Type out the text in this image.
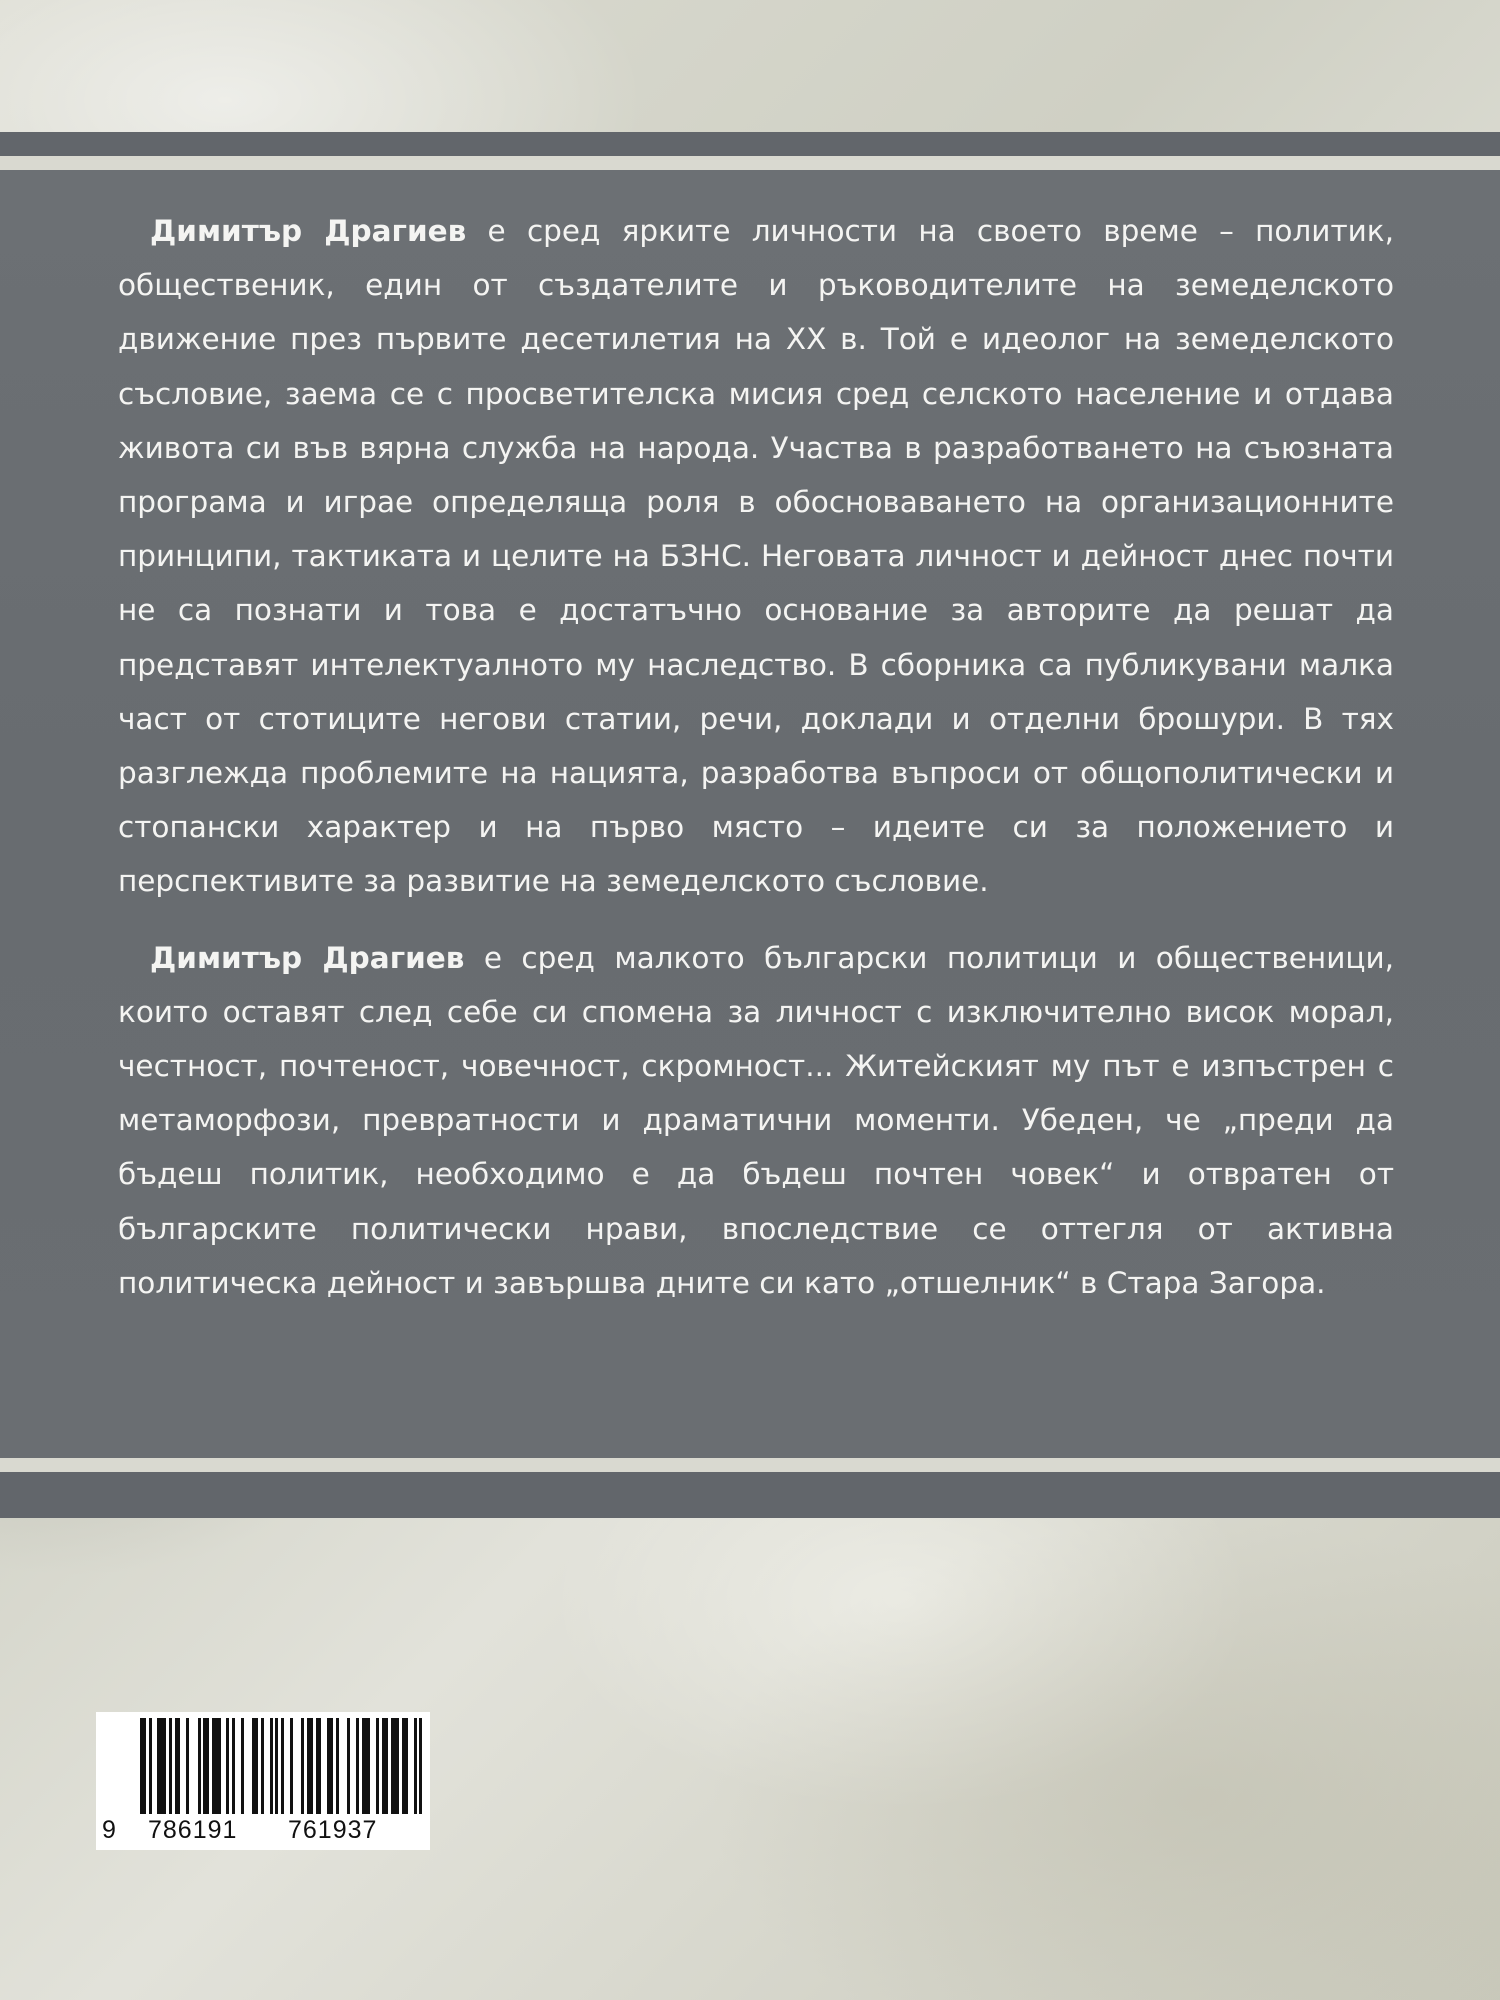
Димитър Драгиев е сред ярките личности на своето време – политик, общественик, един от създателите и ръководителите на земеделското движение през първите десетилетия на XX в. Той е идеолог на земеделското съсловие, заема се с просветителска мисия сред селското население и отдава живота си във вярна служба на народа. Участва в разработването на съюзната програма и играе определяща роля в обосноваването на организационните принципи, тактиката и целите на БЗНС. Неговата личност и дейност днес почти не са познати и това е достатъчно основание за авторите да решат да представят интелектуалното му наследство. В сборника са публикувани малка част от стотиците негови статии, речи, доклади и отделни брошури. В тях разглежда проблемите на нацията, разработва въпроси от общополитически и стопански характер и на първо място – идеите си за положението и перспективите за развитие на земеделското съсловие.

Димитър Драгиев е сред малкото български политици и общественици, които оставят след себе си спомена за личност с изключително висок морал, честност, почтеност, човечност, скромност... Житейският му път е изпъстрен с метаморфози, превратности и драматични моменти. Убеден, че „преди да бъдеш политик, необходимо е да бъдеш почтен човек“ и отвратен от българските политически нрави, впоследствие се оттегля от активна политическа дейност и завършва дните си като „отшелник“ в Стара Загора.

9 786191 761937
